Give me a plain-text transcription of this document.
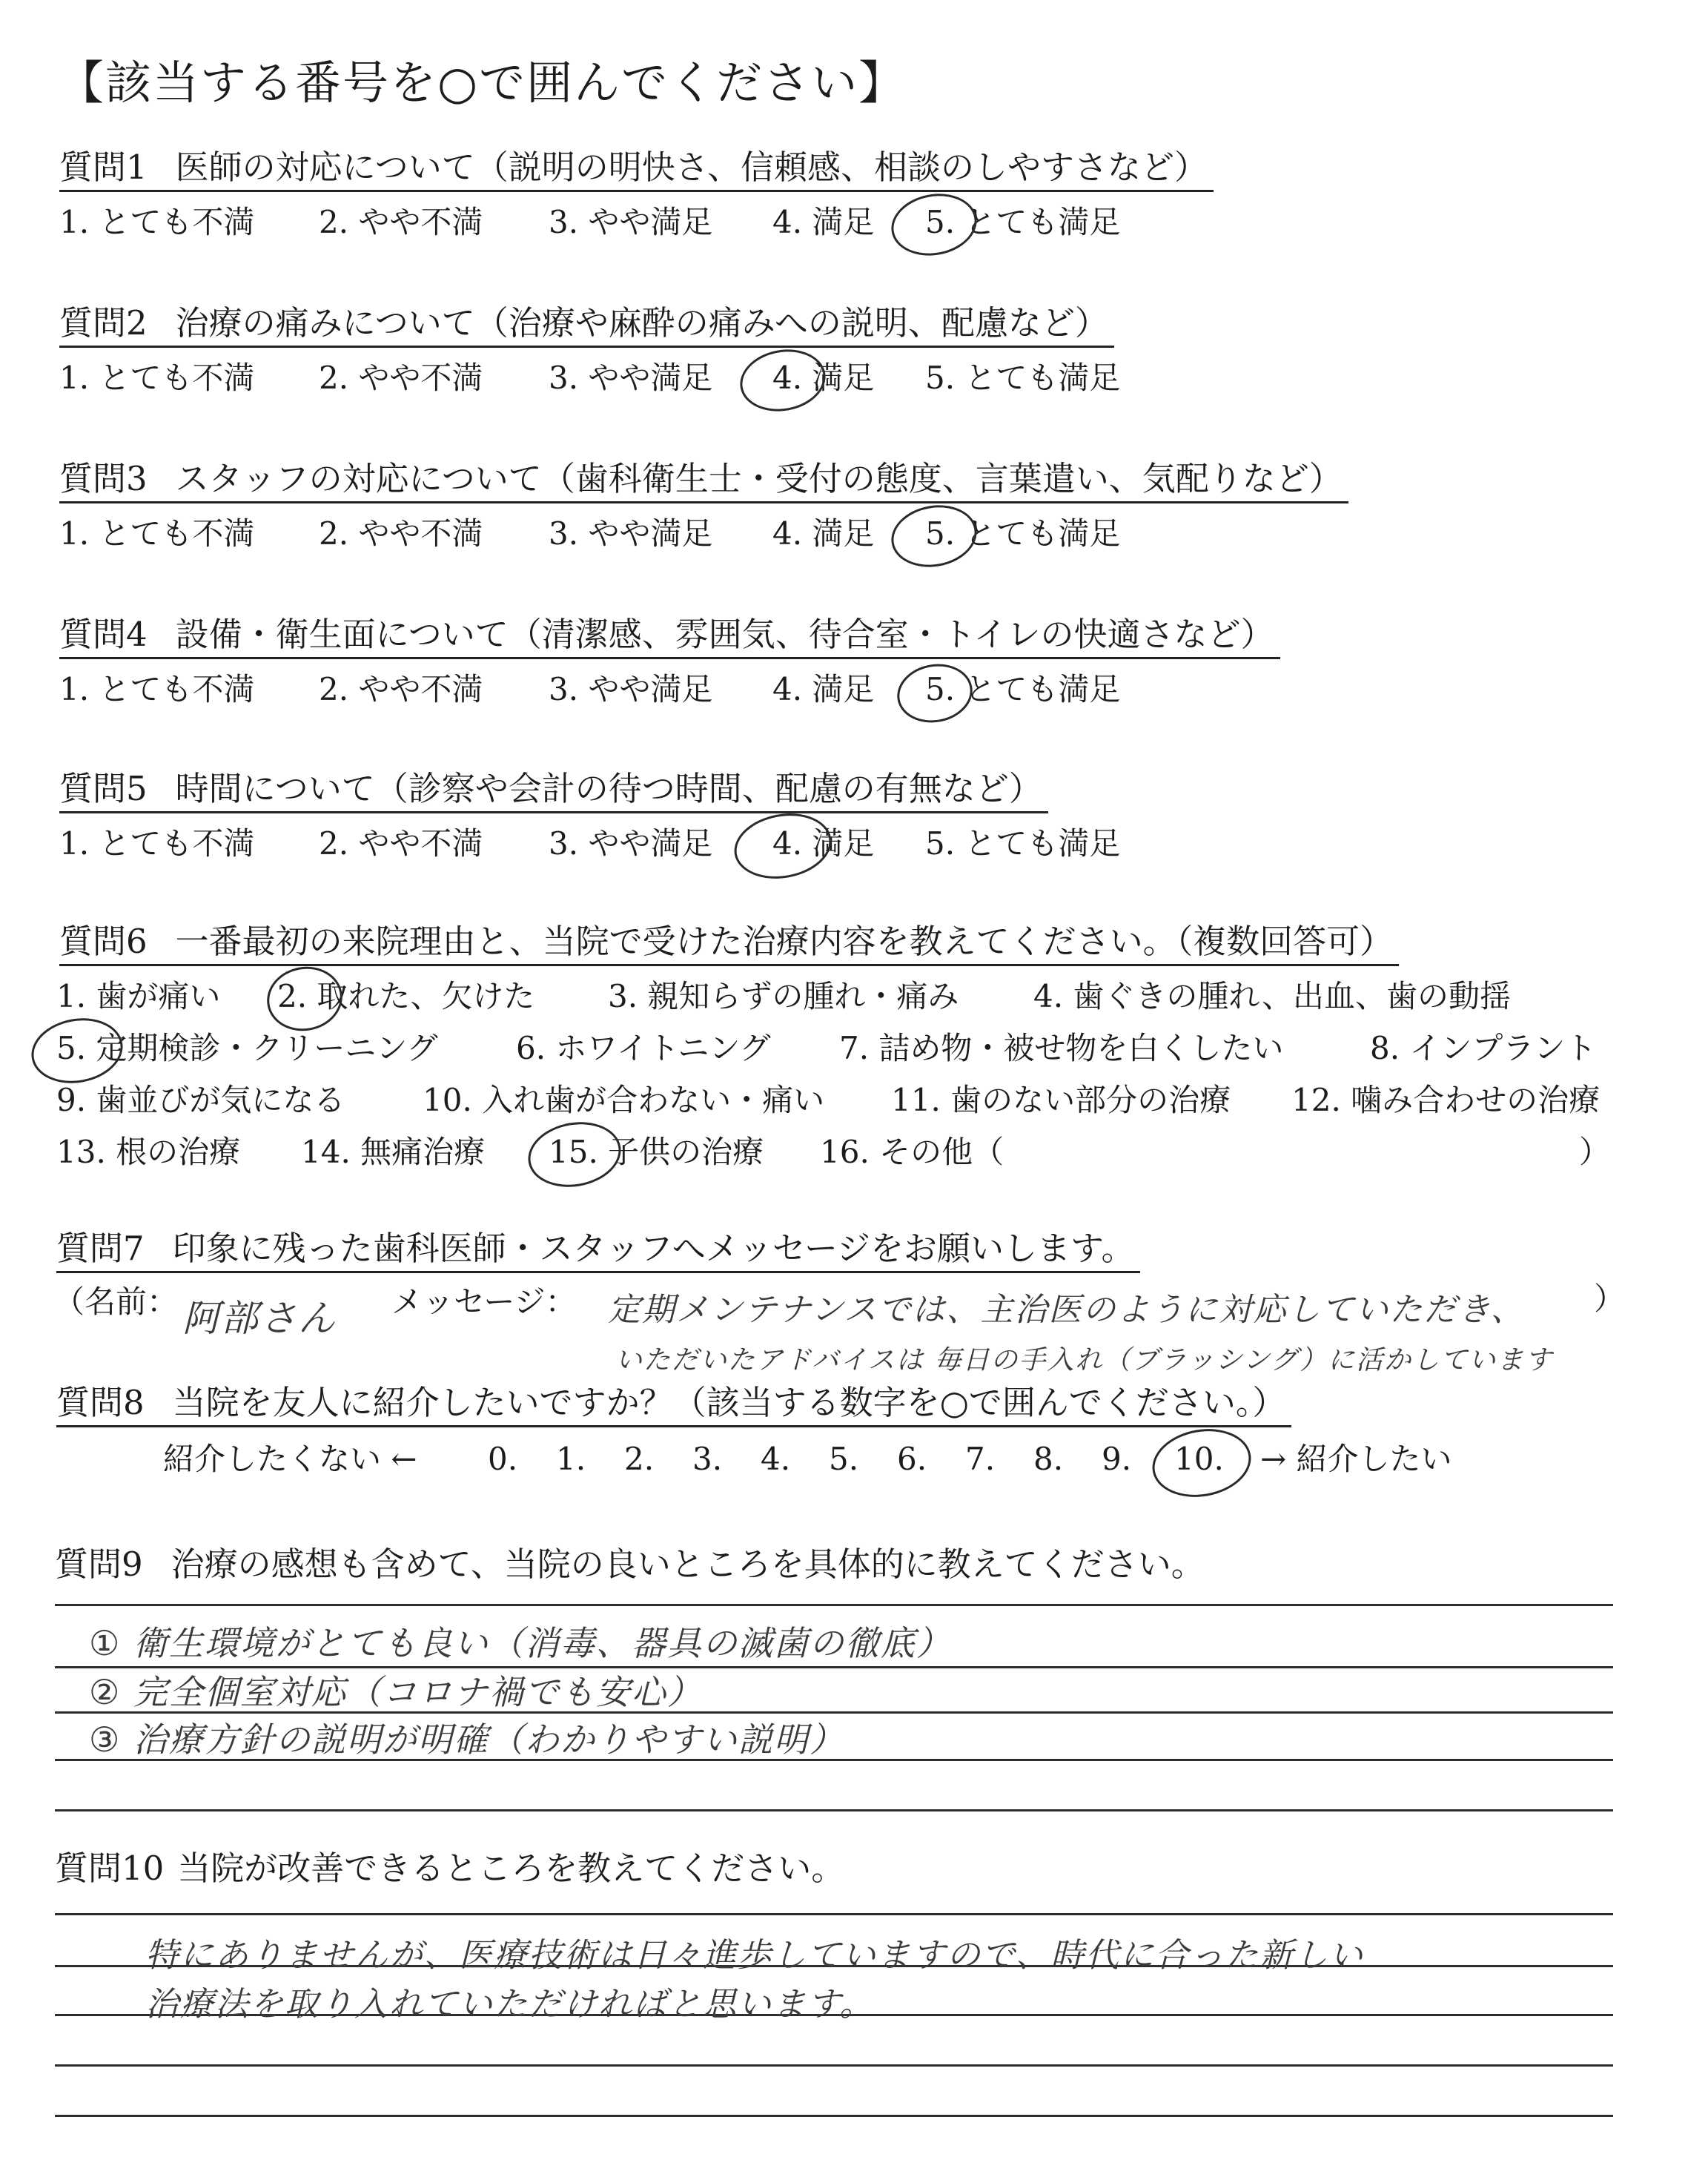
【該当する番号を○で囲んでください】
質問1 医師の対応について（説明の明快さ、信頼感、相談のしやすさなど）
1. とても不満 2. やや不満 3. やや満足 4. 満足 5. とても満足
質問2 治療の痛みについて（治療や麻酔の痛みへの説明、配慮など）
1. とても不満 2. やや不満 3. やや満足 4. 満足 5. とても満足
質問3 スタッフの対応について（歯科衛生士・受付の態度、言葉遣い、気配りなど）
1. とても不満 2. やや不満 3. やや満足 4. 満足 5. とても満足
質問4 設備・衛生面について（清潔感、雰囲気、待合室・トイレの快適さなど）
1. とても不満 2. やや不満 3. やや満足 4. 満足 5. とても満足
質問5 時間について（診察や会計の待つ時間、配慮の有無など）
1. とても不満 2. やや不満 3. やや満足 4. 満足 5. とても満足
質問6 一番最初の来院理由と、当院で受けた治療内容を教えてください。（複数回答可）
1. 歯が痛い 2. 取れた、欠けた 3. 親知らずの腫れ・痛み 4. 歯ぐきの腫れ、出血、歯の動揺
5. 定期検診・クリーニング	6. ホワイトニング 7. 詰め物・被せ物を白くしたい	8. インプラント
9. 歯並びが気になる 10. 入れ歯が合わない・痛い 11. 歯のない部分の治療 12. 噛み合わせの治療
13. 根の治療 14. 無痛治療 15. 子供の治療 16. その他（	）
質問7 印象に残った歯科医師・スタッフへメッセージをお願いします。
（名前： 阿部さん メッセージ： 定期メンテナンスでは、主治医のように対応していただき、 ）
いただいたアドバイスは 毎日の手入れ（ブラッシング）に活かしています
質問8 当院を友人に紹介したいですか？（該当する数字を○で囲んでください。）
紹介したくない ← 0. 1. 2. 3. 4. 5. 6. 7. 8. 9. 10. → 紹介したい
質問9 治療の感想も含めて、当院の良いところを具体的に教えてください。
① 衛生環境がとても良い（消毒、器具の滅菌の徹底）
② 完全個室対応（コロナ禍でも安心）
③ 治療方針の説明が明確（わかりやすい説明）
質問10 当院が改善できるところを教えてください。
特にありませんが、医療技術は日々進歩していますので、時代に合った新しい
治療法を取り入れていただければと思います。
